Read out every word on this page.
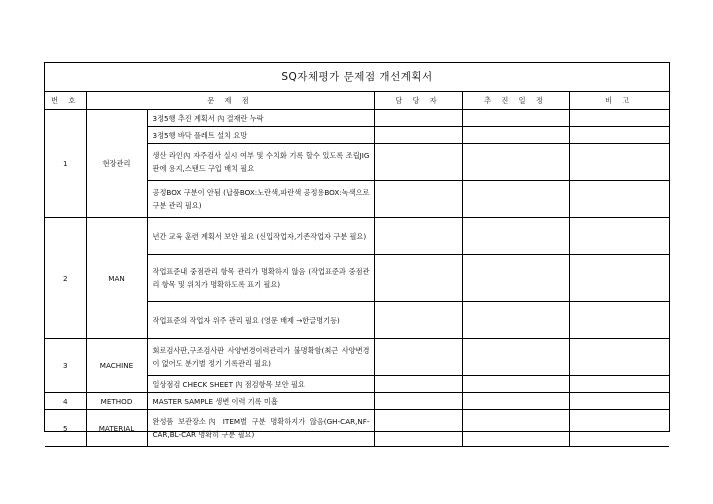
SQ자체평가 문제점 개선계획서
번 호	문 제 점		담 당 자	추 진 일 정	비 고
1	현장관리	3정5행 추진 계획서 內 결재란 누락			
		3정5행 바닥 플레트 설치 요망			
		생산 라인內 자주검사 실시 여부 및 수치화 기록 할수 있도록 조립JIG판에 용지,스탠드 구입 배치 필요			
		공정BOX 구분이 안됨 (납품BOX:노란색,파란색 공정용BOX:녹색으로 구분 관리 필요)			
2	MAN	년간 교육 훈련 계획서 보안 필요 (신입작업자,기존작업자 구분 필요)			
		작업표준내 중점관리 항목 관리가 명확하지 않음 (작업표준과 중점관리 항목 및 위치가 명확하도록 표기 필요)			
		작업표준의 작업자 위주 관리 필요 (영문 배제 →한글명기등)			
3	MACHINE	회로검사판,구조검사판 사양변경이력관리가 불명확함(최근 사양변경이 없어도 분기별 정기 기록관리 필요)			
		일상점검 CHECK SHEET 內 점검항목 보안 필요			
4	METHOD	MASTER SAMPLE 생변 이력 기록 미흡			
5	MATERIAL	완성품 보관장소內 ITEM별 구분 명확하지가 않음(GH-CAR,NF-CAR,BL-CAR 명확히 구분 필요)			
